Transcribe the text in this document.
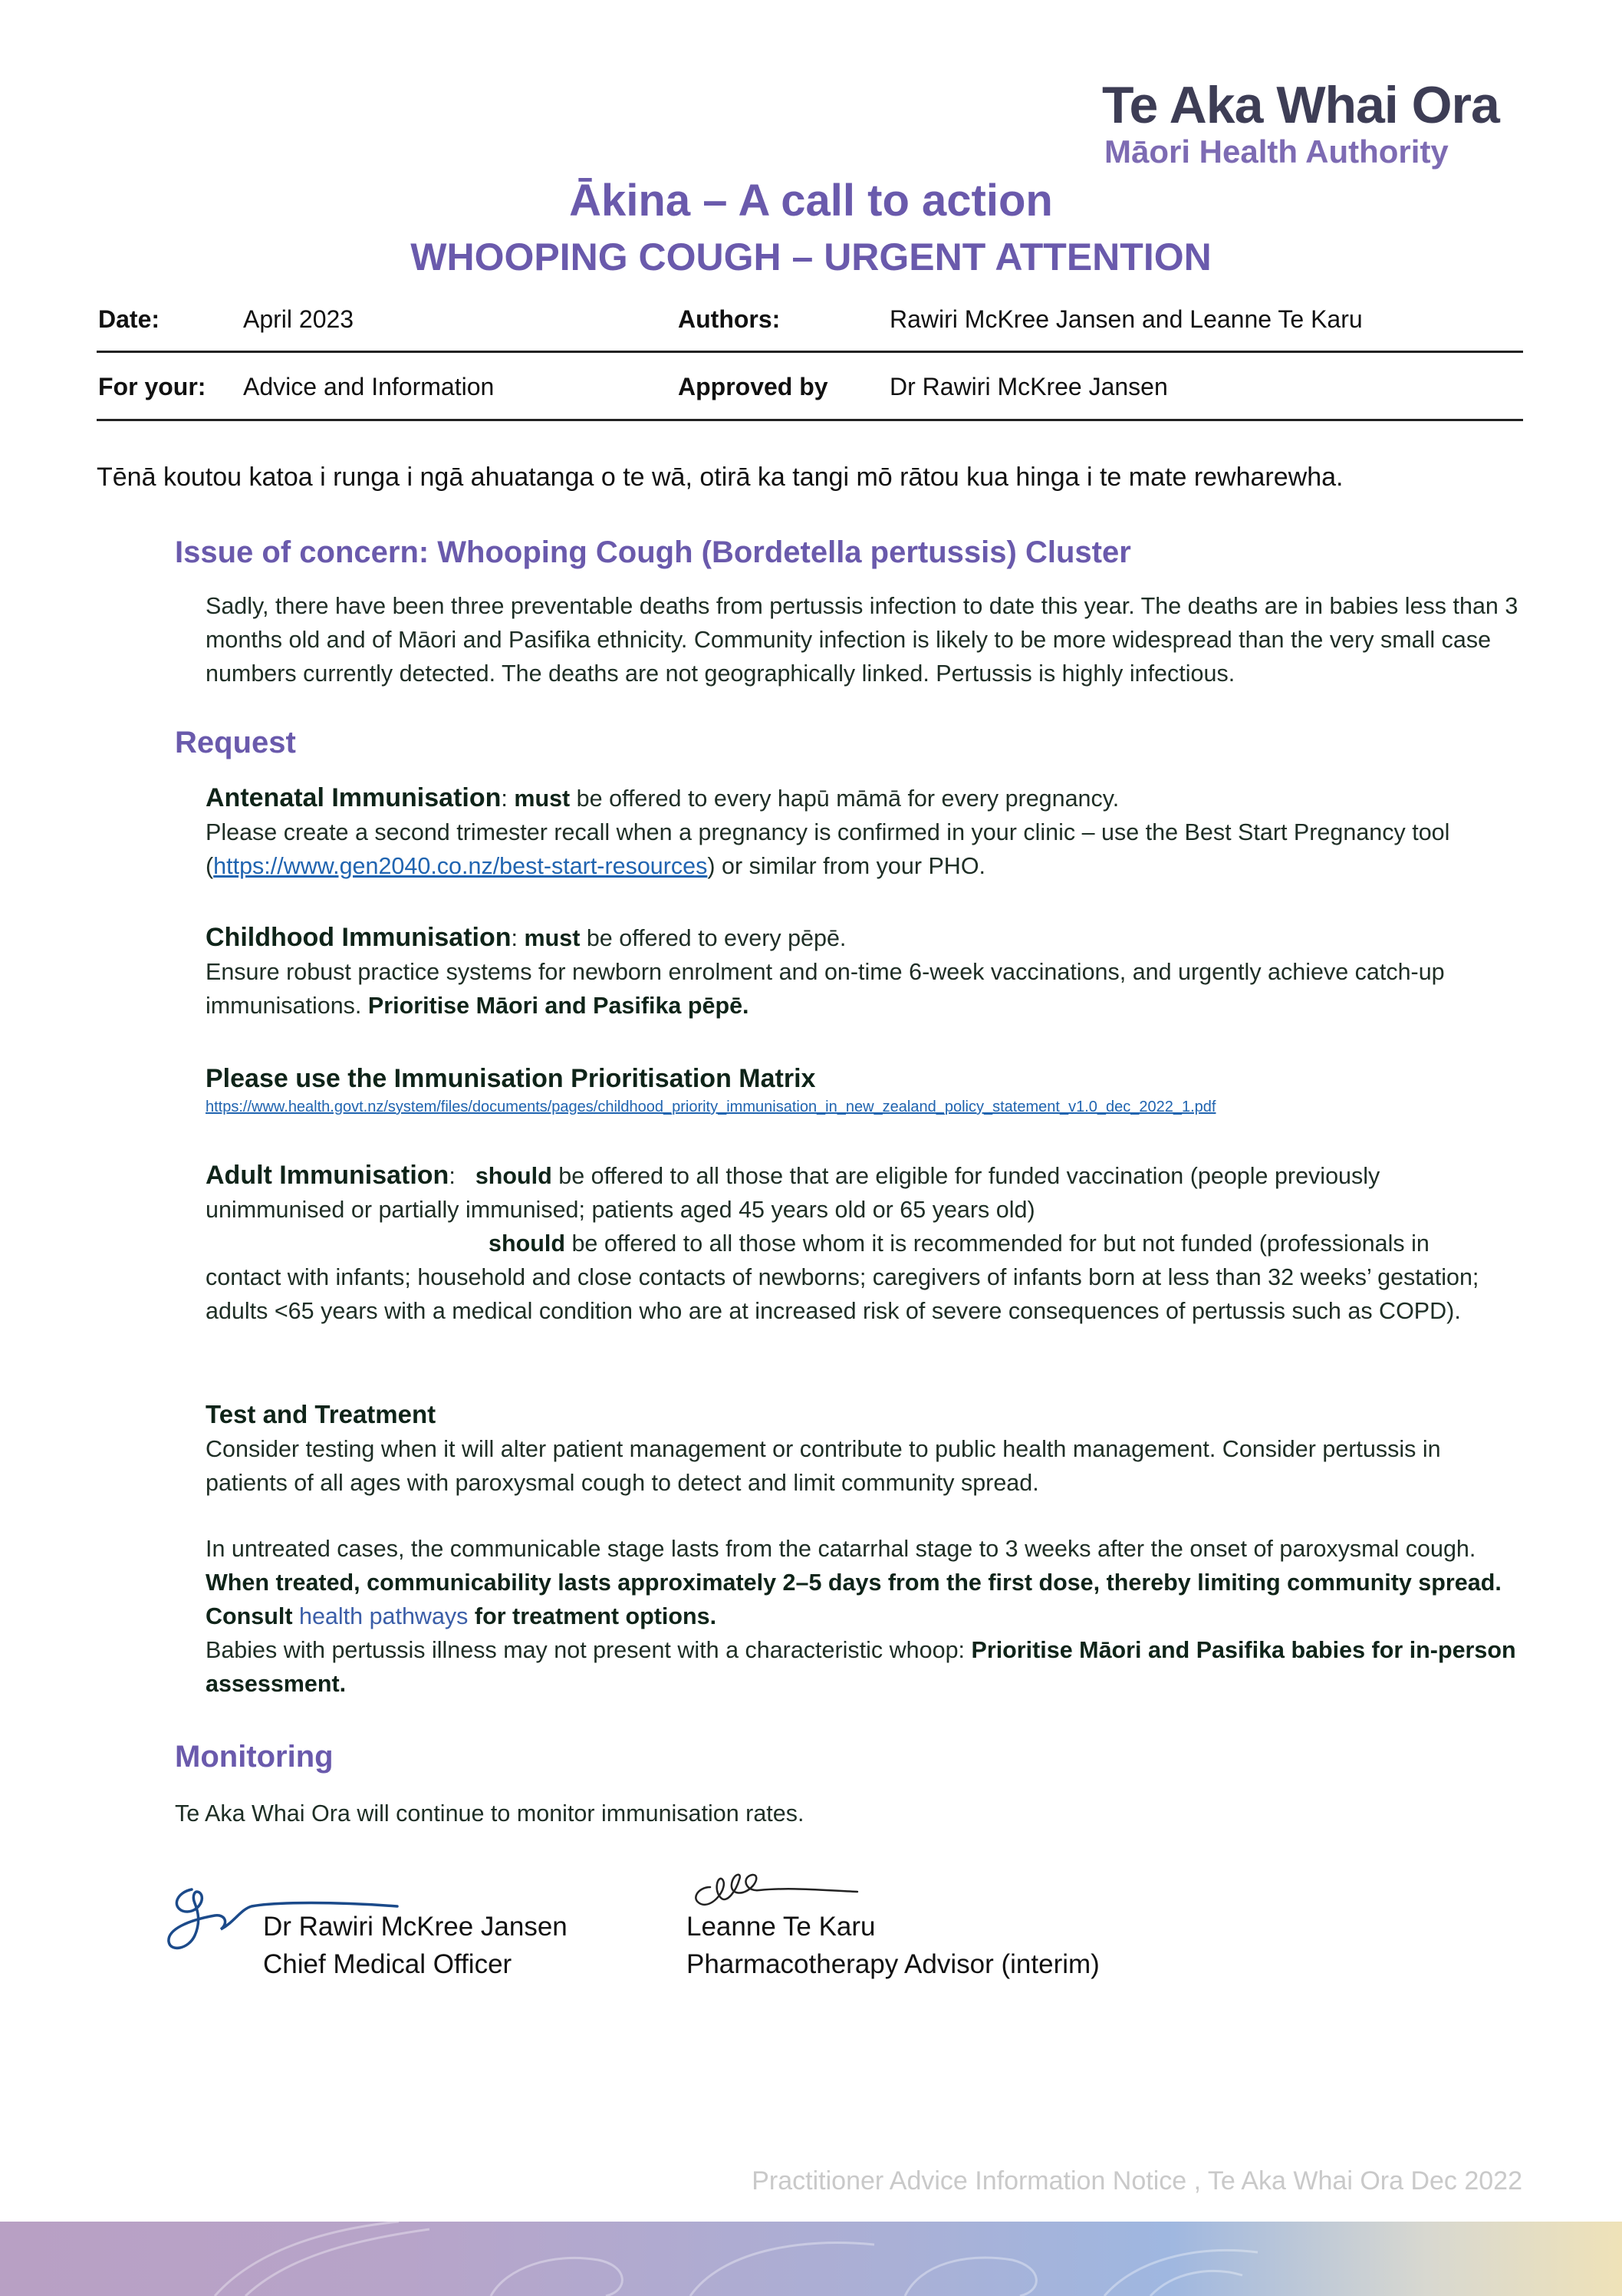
Te Aka Whai Ora
Māori Health Authority
Ākina – A call to action
WHOOPING COUGH – URGENT ATTENTION
Date:	April 2023	Authors:	Rawiri McKree Jansen and Leanne Te Karu
For your: Advice and Information	Approved by	Dr Rawiri McKree Jansen
Tēnā koutou katoa i runga i ngā ahuatanga o te wā, otirā ka tangi mō rātou kua hinga i te mate rewharewha.
Issue of concern: Whooping Cough (Bordetella pertussis) Cluster
Sadly, there have been three preventable deaths from pertussis infection to date this year. The deaths are in babies less than 3 months old and of Māori and Pasifika ethnicity. Community infection is likely to be more widespread than the very small case numbers currently detected. The deaths are not geographically linked. Pertussis is highly infectious.
Request
Antenatal Immunisation: must be offered to every hapū māmā for every pregnancy.
Please create a second trimester recall when a pregnancy is confirmed in your clinic – use the Best Start Pregnancy tool (https://www.gen2040.co.nz/best-start-resources) or similar from your PHO.
Childhood Immunisation: must be offered to every pēpē.
Ensure robust practice systems for newborn enrolment and on-time 6-week vaccinations, and urgently achieve catch-up immunisations. Prioritise Māori and Pasifika pēpē.
Please use the Immunisation Prioritisation Matrix
https://www.health.govt.nz/system/files/documents/pages/childhood_priority_immunisation_in_new_zealand_policy_statement_v1.0_dec_2022_1.pdf
Adult Immunisation: should be offered to all those that are eligible for funded vaccination (people previously
unimmunised or partially immunised; patients aged 45 years old or 65 years old)
should be offered to all those whom it is recommended for but not funded (professionals in
contact with infants; household and close contacts of newborns; caregivers of infants born at less than 32 weeks’ gestation; adults <65 years with a medical condition who are at increased risk of severe consequences of pertussis such as COPD).
Test and Treatment
Consider testing when it will alter patient management or contribute to public health management. Consider pertussis in patients of all ages with paroxysmal cough to detect and limit community spread.
In untreated cases, the communicable stage lasts from the catarrhal stage to 3 weeks after the onset of paroxysmal cough. When treated, communicability lasts approximately 2–5 days from the first dose, thereby limiting community spread. Consult health pathways for treatment options.
Babies with pertussis illness may not present with a characteristic whoop: Prioritise Māori and Pasifika babies for in-person assessment.
Monitoring
Te Aka Whai Ora will continue to monitor immunisation rates.
Dr Rawiri McKree Jansen
Chief Medical Officer
Leanne Te Karu
Pharmacotherapy Advisor (interim)
Practitioner Advice Information Notice , Te Aka Whai Ora Dec 2022
